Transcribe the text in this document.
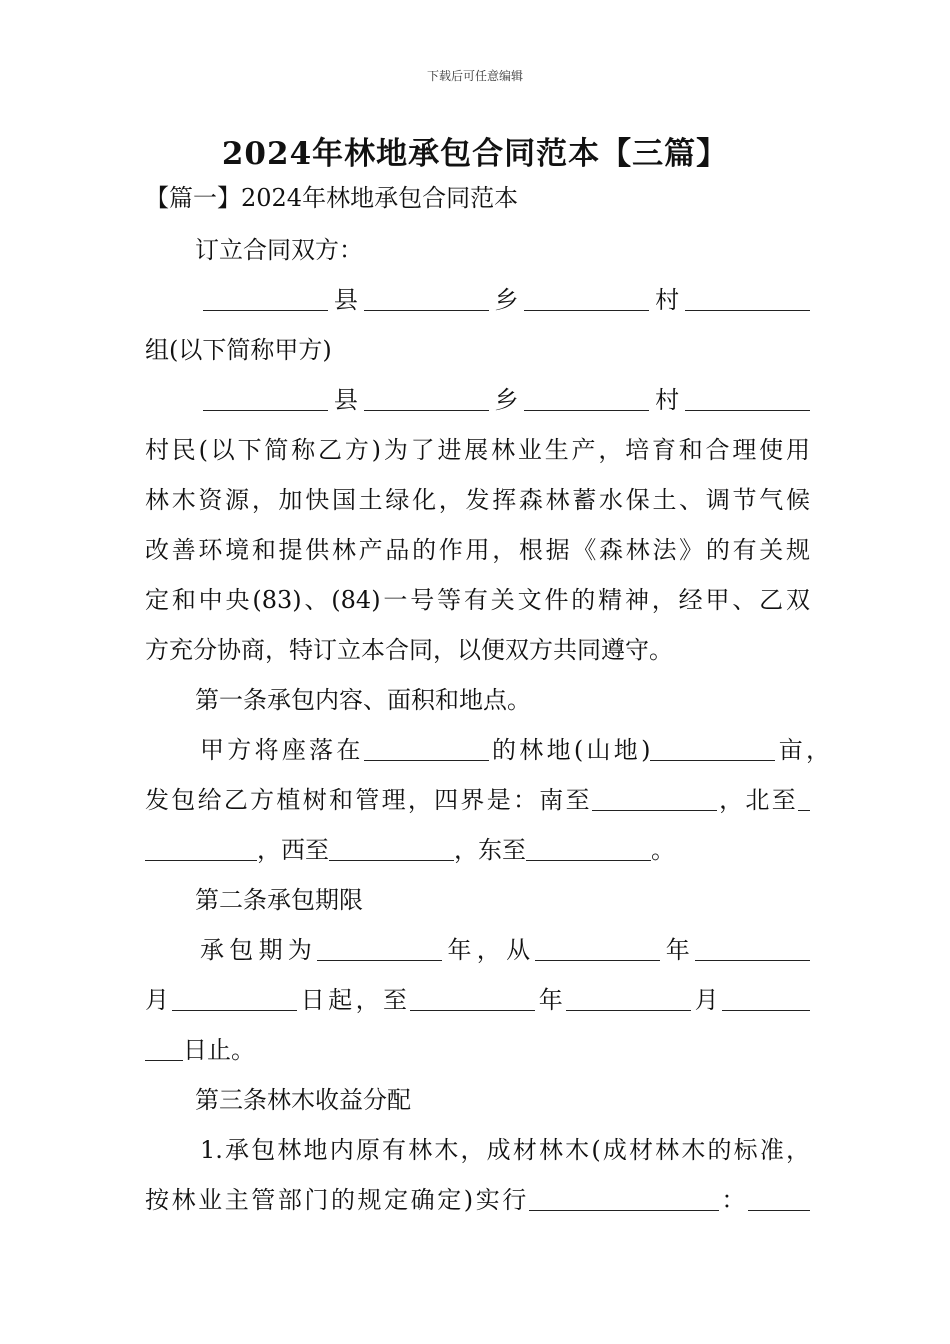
下载后可任意编辑
2024年林地承包合同范本【三篇】
【篇一】2024年林地承包合同范本
订立合同双方：
县	乡	村
组(以下简称甲方)
县	乡	村
村民(以下简称乙方)为了进展林业生产，培育和合理使用
林木资源，加快国土绿化，发挥森林蓄水保土、调节气候
改善环境和提供林产品的作用，根据《森林法》的有关规
定和中央(83)、(84)一号等有关文件的精神，经甲、乙双
方充分协商，特订立本合同，以便双方共同遵守。
第一条承包内容、面积和地点。
甲方将座落在	的林地(山地)	亩，
发包给乙方植树和管理，四界是：南至	，北至
，西至	，东至	。
第二条承包期限
承包期为	年，从	年
月	日起，至	年	月
日止。
第三条林木收益分配
1.承包林地内原有林木，成材林木(成材林木的标准，
按林业主管部门的规定确定)实行	：
